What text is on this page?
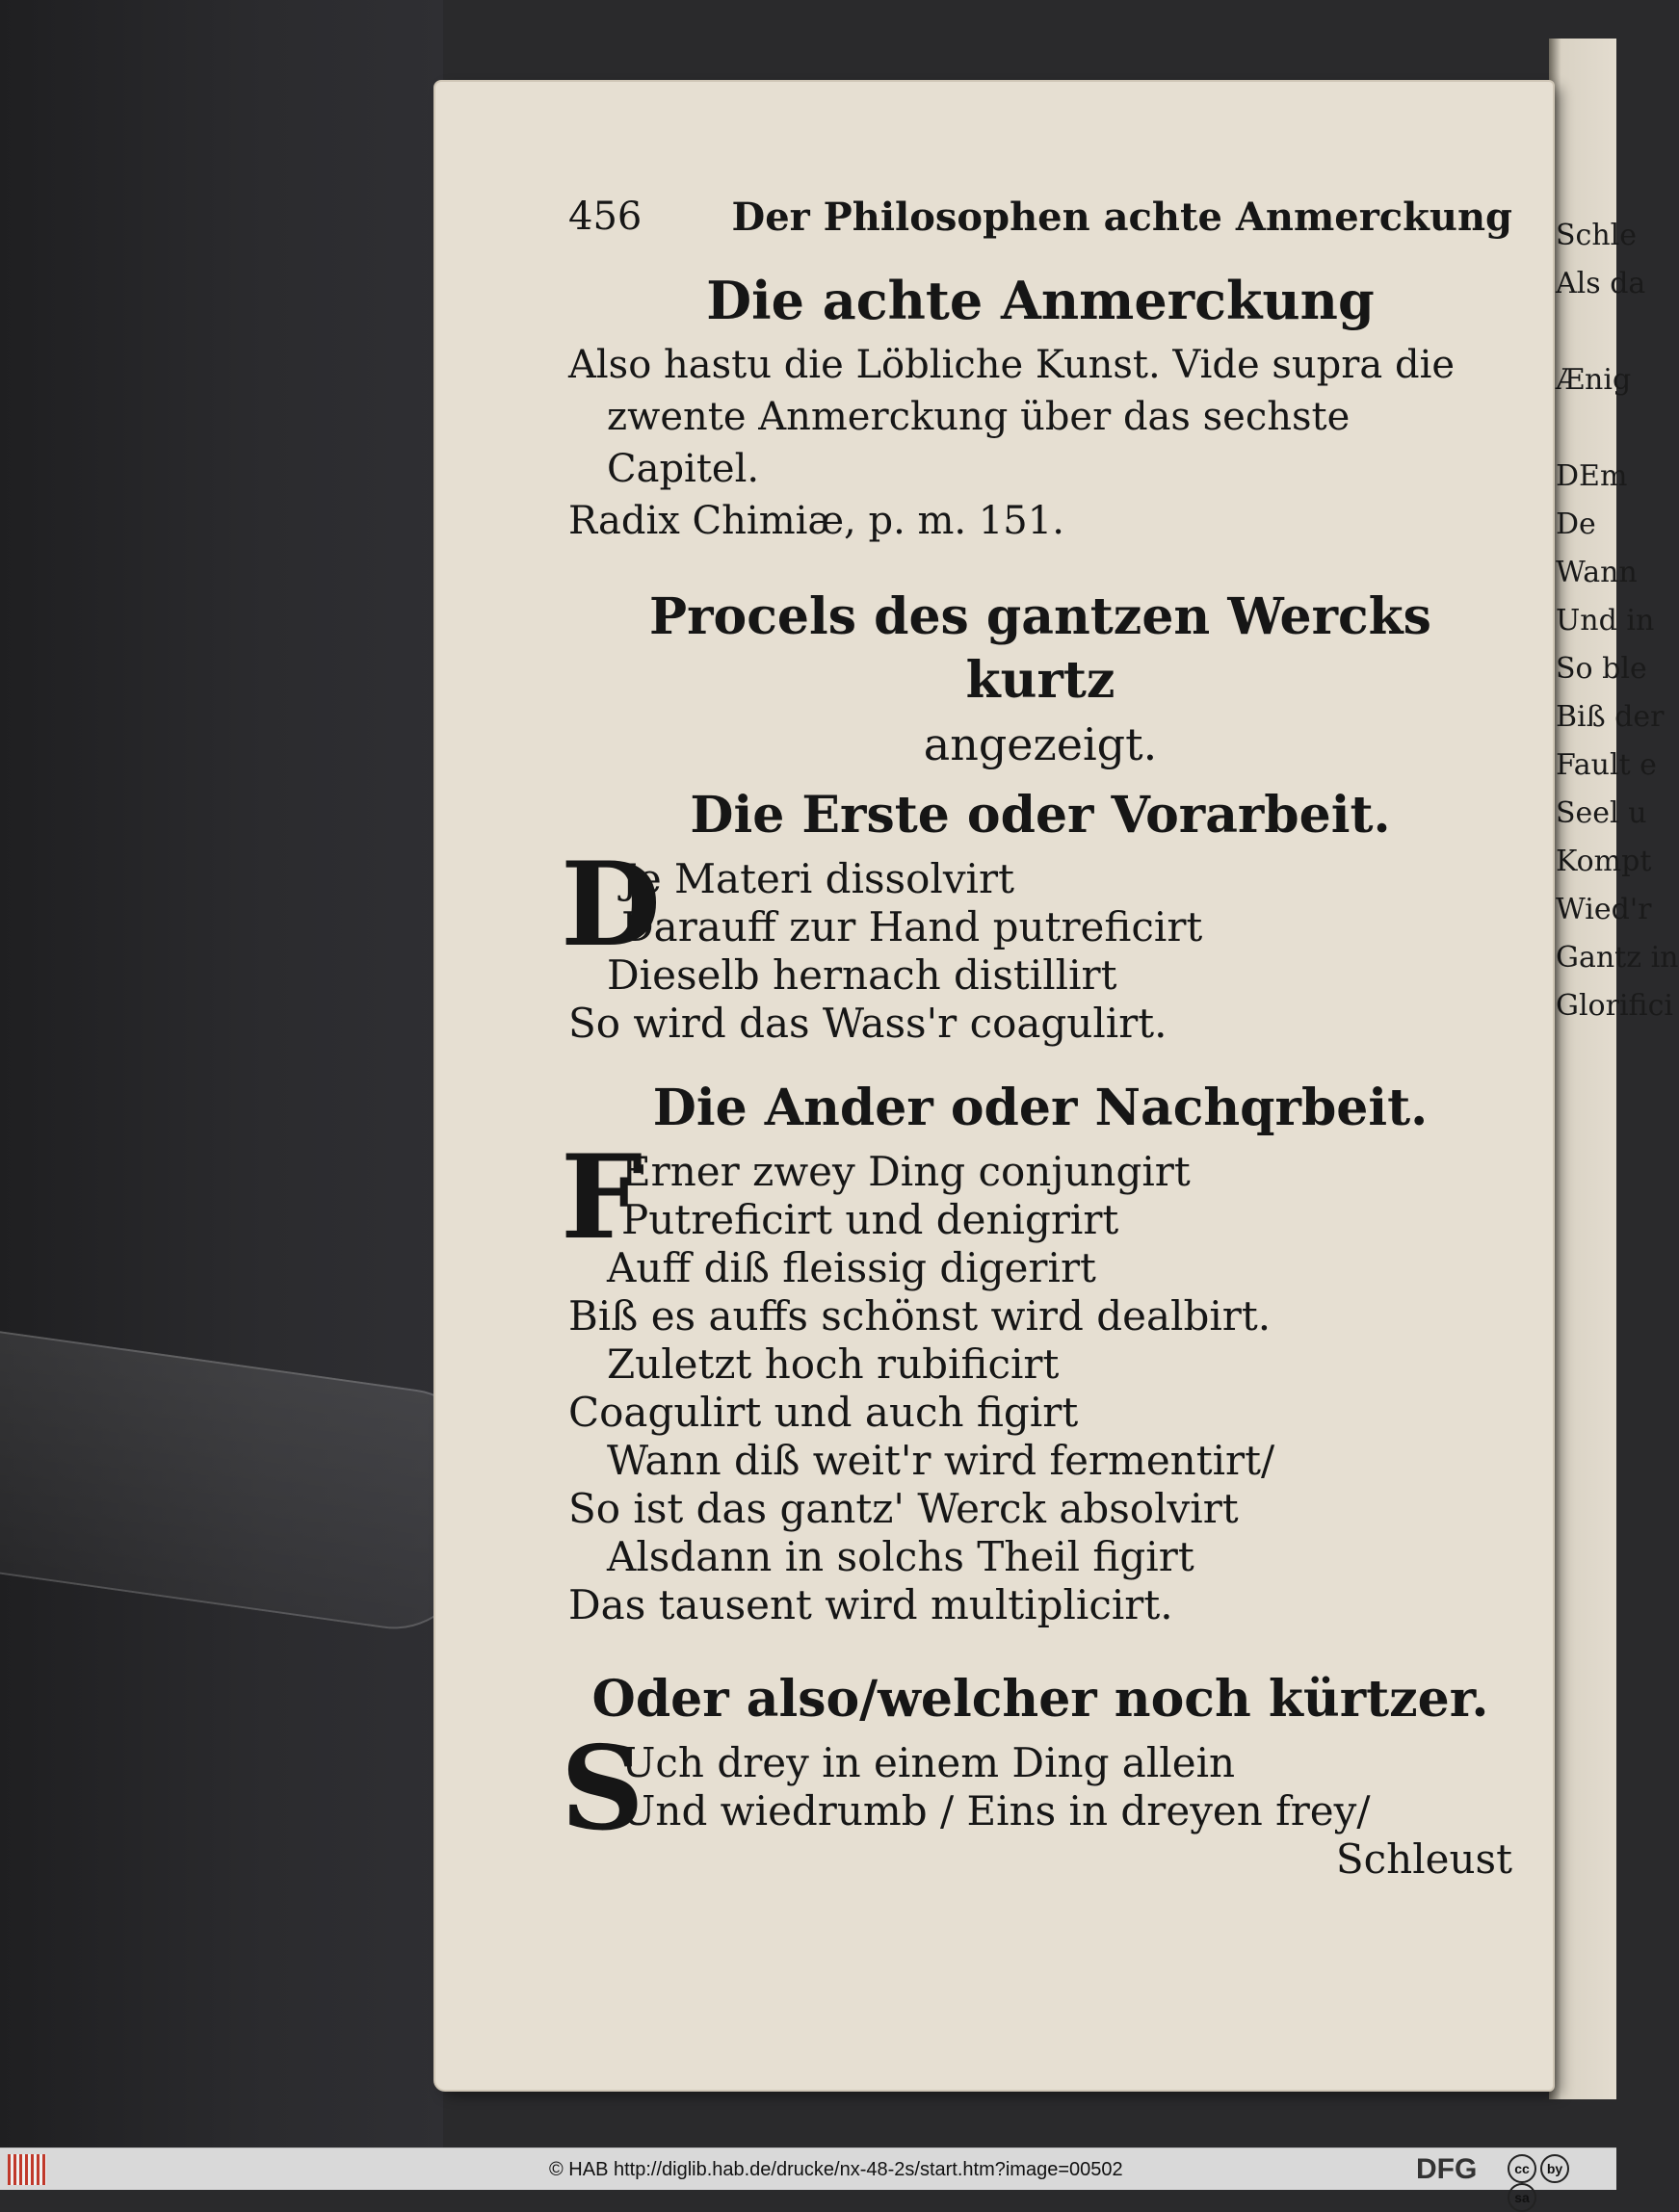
Schle
Als da
Ænig
DEm
De
Wann
Und in
So ble
Biß der
Fault e
Seel u
Kompt
Wied'r
Gantz in
Glorifici
456 Der Philosophen achte Anmerckung
Die achte Anmerckung
Also hastu die Löbliche Kunst. Vide supra die
zwente Anmerckung über das sechste Capitel.
Radix Chimiæ, p. m. 151.
Procels des gantzen Wercks kurtz
angezeigt.
Die Erste oder Vorarbeit.
D
Je Materi dissolvirt
Darauff zur Hand putreficirt
Dieselb hernach distillirt
So wird das Wass'r coagulirt.
Die Ander oder Nachqrbeit.
F
Erner zwey Ding conjungirt
Putreficirt und denigrirt
Auff diß fleissig digerirt
Biß es auffs schönst wird dealbirt.
Zuletzt hoch rubificirt
Coagulirt und auch figirt
Wann diß weit'r wird fermentirt/
So ist das gantz' Werck absolvirt
Alsdann in solchs Theil figirt
Das tausent wird multiplicirt.
Oder also/welcher noch kürtzer.
S
Uch drey in einem Ding allein
Und wiedrumb / Eins in dreyen frey/
Schleust
© HAB http://diglib.hab.de/drucke/nx-48-2s/start.htm?image=00502	DFG	cc bysa
